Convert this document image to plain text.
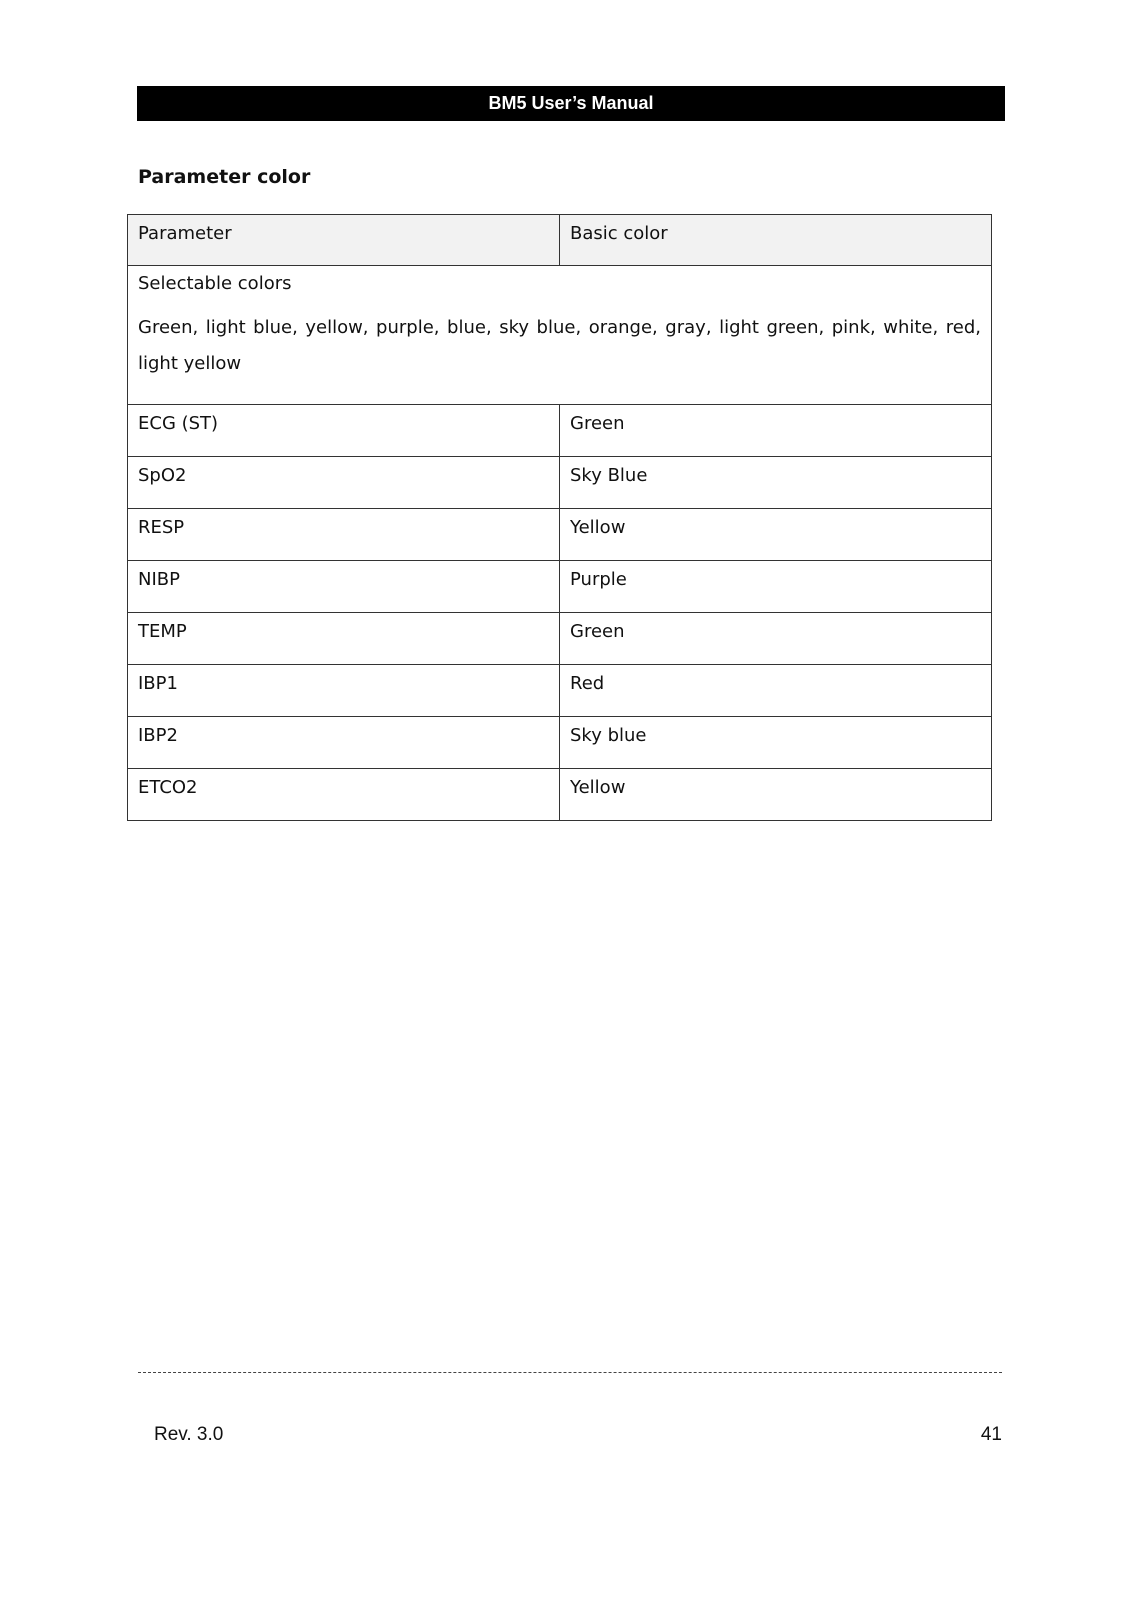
BM5 User’s Manual
Parameter color
Parameter	Basic color

Selectable colors

Green, light blue, yellow, purple, blue, sky blue, orange, gray, light green, pink, white, red, light yellow	

ECG (ST)	Green
SpO2	Sky Blue
RESP	Yellow
NIBP	Purple
TEMP	Green
IBP1	Red
IBP2	Sky blue
ETCO2	Yellow
Rev. 3.0	41
